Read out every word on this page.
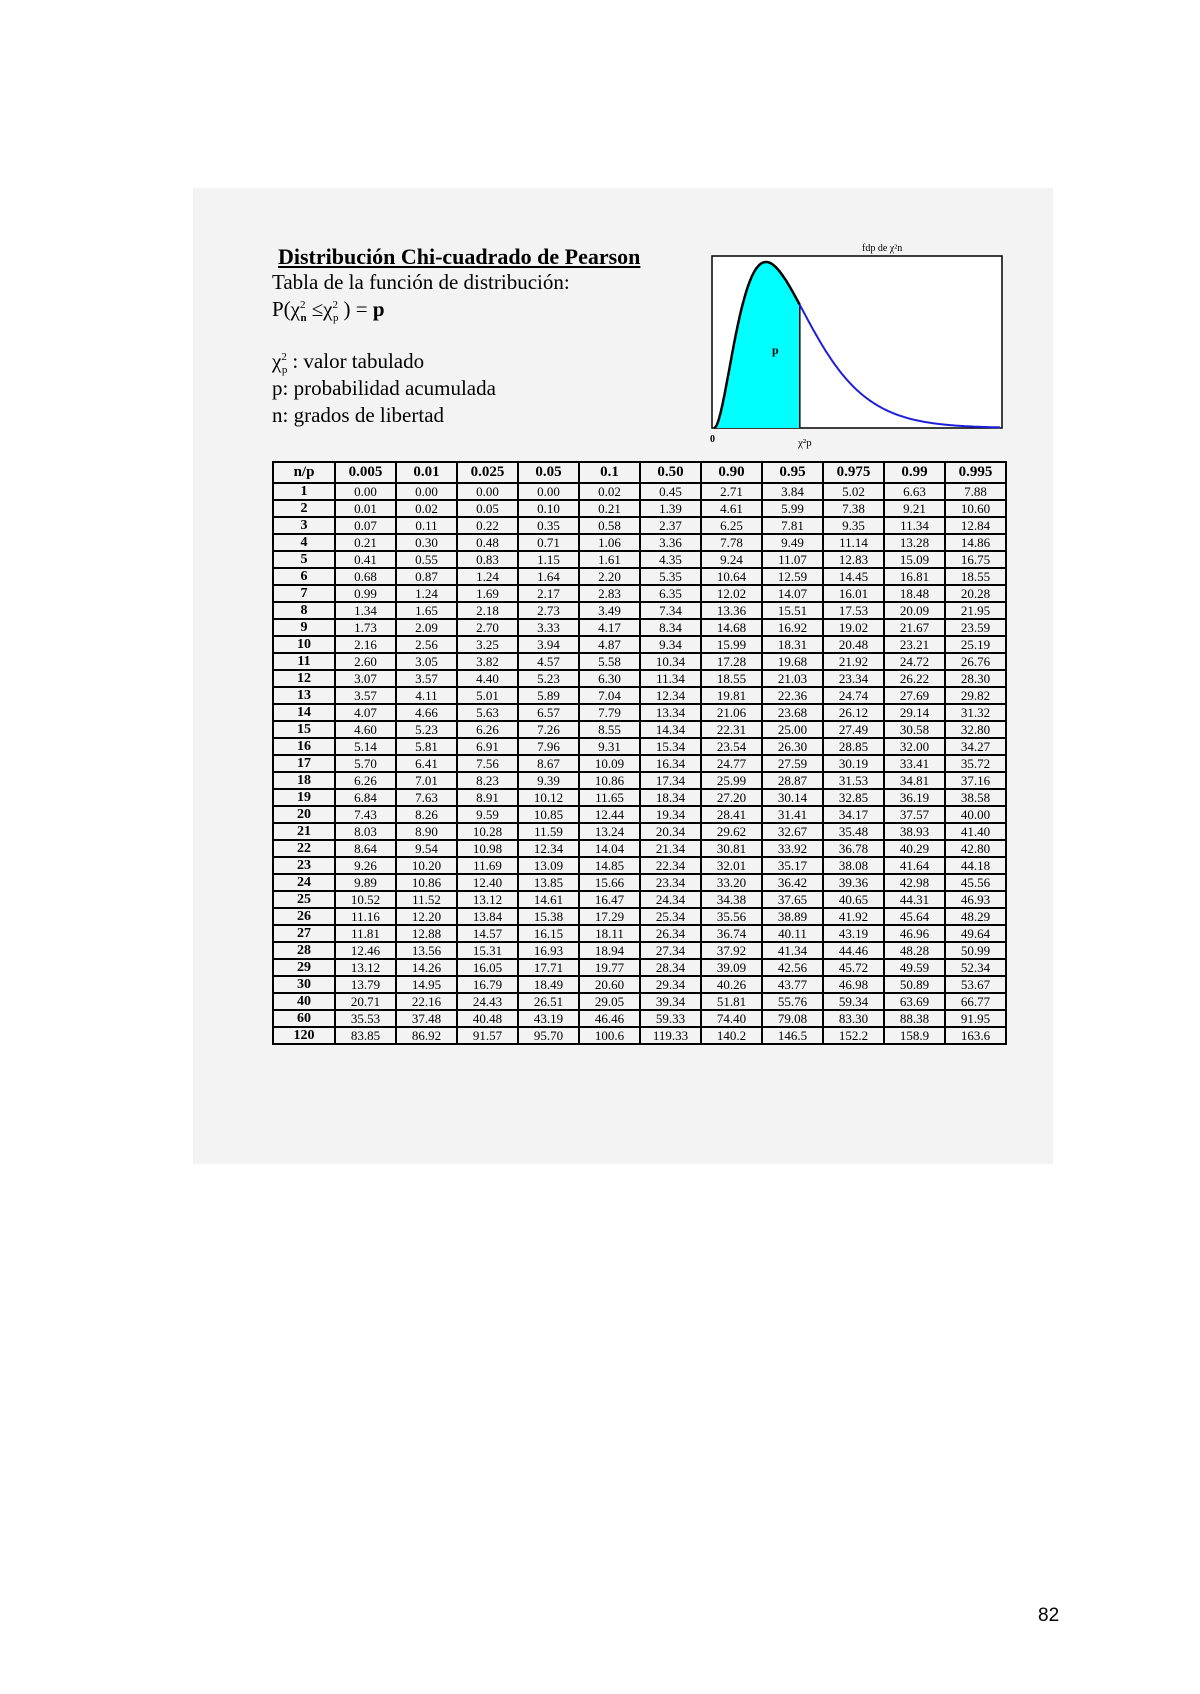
Distribución Chi-cuadrado de Pearson
Tabla de la función de distribución:
$P(\chi^2_n \le\chi^2_p$ ) = p
$\chi^2_p$ : valor tabulado
p: probabilidad acumulada
n: grados de libertad
fdp de χ²n
p
0	χ²p
n/p	0.005	0.01	0.025	0.05	0.1	0.50	0.90	0.95	0.975	0.99	0.995
1	0.00	0.00	0.00	0.00	0.02	0.45	2.71	3.84	5.02	6.63	7.88
2	0.01	0.02	0.05	0.10	0.21	1.39	4.61	5.99	7.38	9.21	10.60
3	0.07	0.11	0.22	0.35	0.58	2.37	6.25	7.81	9.35	11.34	12.84
4	0.21	0.30	0.48	0.71	1.06	3.36	7.78	9.49	11.14	13.28	14.86
5	0.41	0.55	0.83	1.15	1.61	4.35	9.24	11.07	12.83	15.09	16.75
6	0.68	0.87	1.24	1.64	2.20	5.35	10.64	12.59	14.45	16.81	18.55
7	0.99	1.24	1.69	2.17	2.83	6.35	12.02	14.07	16.01	18.48	20.28
8	1.34	1.65	2.18	2.73	3.49	7.34	13.36	15.51	17.53	20.09	21.95
9	1.73	2.09	2.70	3.33	4.17	8.34	14.68	16.92	19.02	21.67	23.59
10	2.16	2.56	3.25	3.94	4.87	9.34	15.99	18.31	20.48	23.21	25.19
11	2.60	3.05	3.82	4.57	5.58	10.34	17.28	19.68	21.92	24.72	26.76
12	3.07	3.57	4.40	5.23	6.30	11.34	18.55	21.03	23.34	26.22	28.30
13	3.57	4.11	5.01	5.89	7.04	12.34	19.81	22.36	24.74	27.69	29.82
14	4.07	4.66	5.63	6.57	7.79	13.34	21.06	23.68	26.12	29.14	31.32
15	4.60	5.23	6.26	7.26	8.55	14.34	22.31	25.00	27.49	30.58	32.80
16	5.14	5.81	6.91	7.96	9.31	15.34	23.54	26.30	28.85	32.00	34.27
17	5.70	6.41	7.56	8.67	10.09	16.34	24.77	27.59	30.19	33.41	35.72
18	6.26	7.01	8.23	9.39	10.86	17.34	25.99	28.87	31.53	34.81	37.16
19	6.84	7.63	8.91	10.12	11.65	18.34	27.20	30.14	32.85	36.19	38.58
20	7.43	8.26	9.59	10.85	12.44	19.34	28.41	31.41	34.17	37.57	40.00
21	8.03	8.90	10.28	11.59	13.24	20.34	29.62	32.67	35.48	38.93	41.40
22	8.64	9.54	10.98	12.34	14.04	21.34	30.81	33.92	36.78	40.29	42.80
23	9.26	10.20	11.69	13.09	14.85	22.34	32.01	35.17	38.08	41.64	44.18
24	9.89	10.86	12.40	13.85	15.66	23.34	33.20	36.42	39.36	42.98	45.56
25	10.52	11.52	13.12	14.61	16.47	24.34	34.38	37.65	40.65	44.31	46.93
26	11.16	12.20	13.84	15.38	17.29	25.34	35.56	38.89	41.92	45.64	48.29
27	11.81	12.88	14.57	16.15	18.11	26.34	36.74	40.11	43.19	46.96	49.64
28	12.46	13.56	15.31	16.93	18.94	27.34	37.92	41.34	44.46	48.28	50.99
29	13.12	14.26	16.05	17.71	19.77	28.34	39.09	42.56	45.72	49.59	52.34
30	13.79	14.95	16.79	18.49	20.60	29.34	40.26	43.77	46.98	50.89	53.67
40	20.71	22.16	24.43	26.51	29.05	39.34	51.81	55.76	59.34	63.69	66.77
60	35.53	37.48	40.48	43.19	46.46	59.33	74.40	79.08	83.30	88.38	91.95
120	83.85	86.92	91.57	95.70	100.6	119.33	140.2	146.5	152.2	158.9	163.6
82
